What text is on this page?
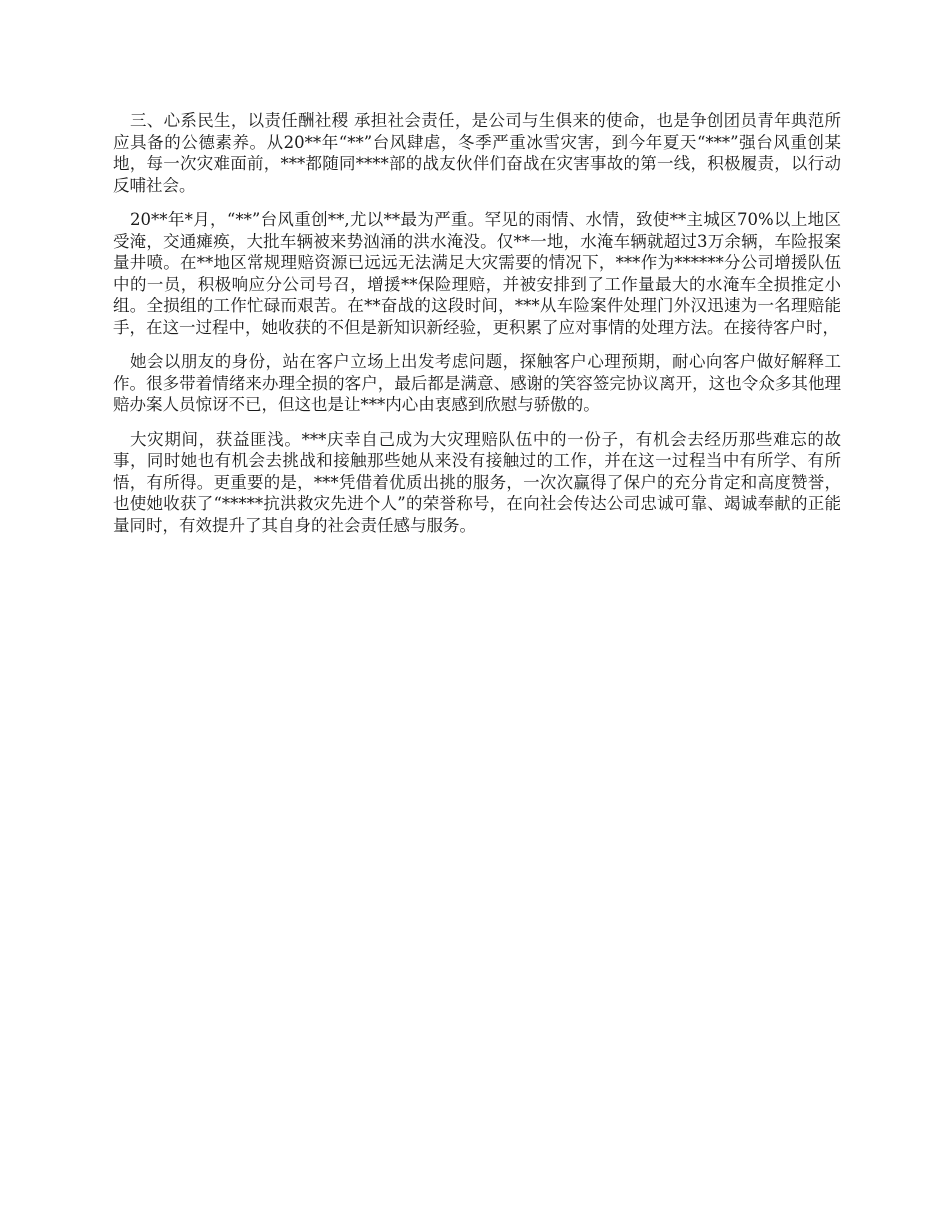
三、心系民生，以责任酬社稷 承担社会责任，是公司与生俱来的使命，也是争创团员青年典范所应具备的公德素养。从20**年“**”台风肆虐，冬季严重冰雪灾害，到今年夏天“***”强台风重创某地，每一次灾难面前，***都随同****部的战友伙伴们奋战在灾害事故的第一线，积极履责，以行动反哺社会。

20**年*月，“**”台风重创**,尤以**最为严重。罕见的雨情、水情，致使**主城区70%以上地区受淹，交通瘫痪，大批车辆被来势汹涌的洪水淹没。仅**一地，水淹车辆就超过3万余辆，车险报案量井喷。在**地区常规理赔资源已远远无法满足大灾需要的情况下，***作为******分公司增援队伍中的一员，积极响应分公司号召，增援**保险理赔，并被安排到了工作量最大的水淹车全损推定小组。全损组的工作忙碌而艰苦。在**奋战的这段时间，***从车险案件处理门外汉迅速为一名理赔能手，在这一过程中，她收获的不但是新知识新经验，更积累了应对事情的处理方法。在接待客户时，

她会以朋友的身份，站在客户立场上出发考虑问题，探触客户心理预期，耐心向客户做好解释工作。很多带着情绪来办理全损的客户，最后都是满意、感谢的笑容签完协议离开，这也令众多其他理赔办案人员惊讶不已，但这也是让***内心由衷感到欣慰与骄傲的。

大灾期间，获益匪浅。***庆幸自己成为大灾理赔队伍中的一份子，有机会去经历那些难忘的故事，同时她也有机会去挑战和接触那些她从来没有接触过的工作，并在这一过程当中有所学、有所悟，有所得。更重要的是，***凭借着优质出挑的服务，一次次赢得了保户的充分肯定和高度赞誉，也使她收获了“*****抗洪救灾先进个人”的荣誉称号，在向社会传达公司忠诚可靠、竭诚奉献的正能量同时，有效提升了其自身的社会责任感与服务。
